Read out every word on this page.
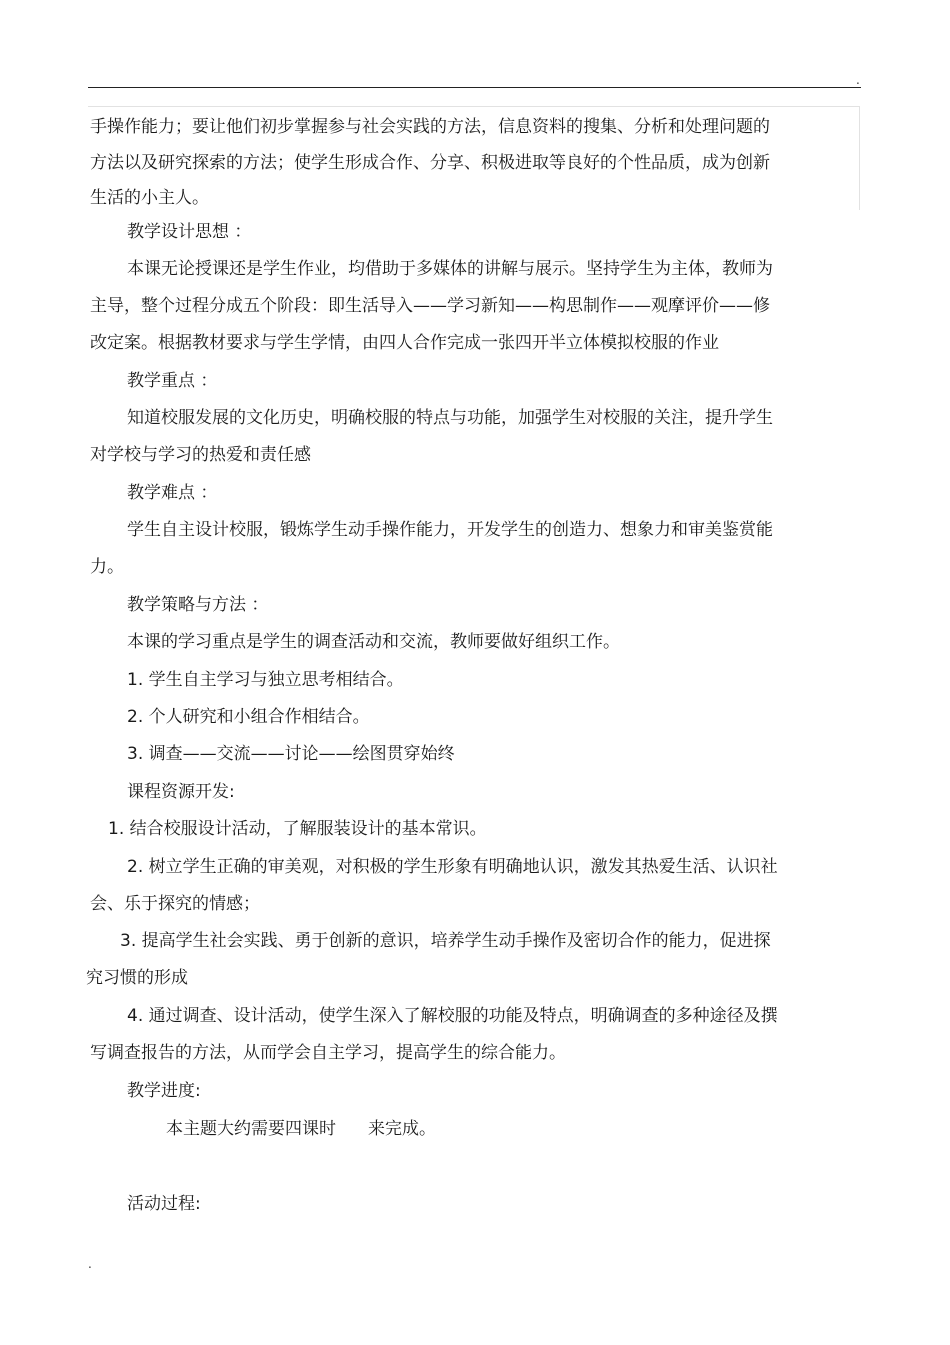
.
手操作能力；要让他们初步掌握参与社会实践的方法，信息资料的搜集、分析和处理问题的
方法以及研究探索的方法；使学生形成合作、分享、积极进取等良好的个性品质，成为创新
生活的小主人。
教学设计思想 ：
本课无论授课还是学生作业，均借助于多媒体的讲解与展示。坚持学生为主体，教师为
主导，整个过程分成五个阶段：即生活导入——学习新知——构思制作——观摩评价——修
改定案。根据教材要求与学生学情，由四人合作完成一张四开半立体模拟校服的作业
教学重点 ：
知道校服发展的文化历史，明确校服的特点与功能，加强学生对校服的关注，提升学生
对学校与学习的热爱和责任感
教学难点 ：
学生自主设计校服，锻炼学生动手操作能力，开发学生的创造力、想象力和审美鉴赏能
力。
教学策略与方法 ：
本课的学习重点是学生的调查活动和交流，教师要做好组织工作。
1. 学生自主学习与独立思考相结合。
2. 个人研究和小组合作相结合。
3. 调查——交流——讨论——绘图贯穿始终
课程资源开发:
1. 结合校服设计活动，了解服装设计的基本常识。
2. 树立学生正确的审美观，对积极的学生形象有明确地认识，激发其热爱生活、认识社
会、乐于探究的情感；
3. 提高学生社会实践、勇于创新的意识，培养学生动手操作及密切合作的能力，促进探
究习惯的形成
4. 通过调查、设计活动，使学生深入了解校服的功能及特点，明确调查的多种途径及撰
写调查报告的方法，从而学会自主学习，提高学生的综合能力。
教学进度:
本主题大约需要四课时 来完成。
活动过程:
.
